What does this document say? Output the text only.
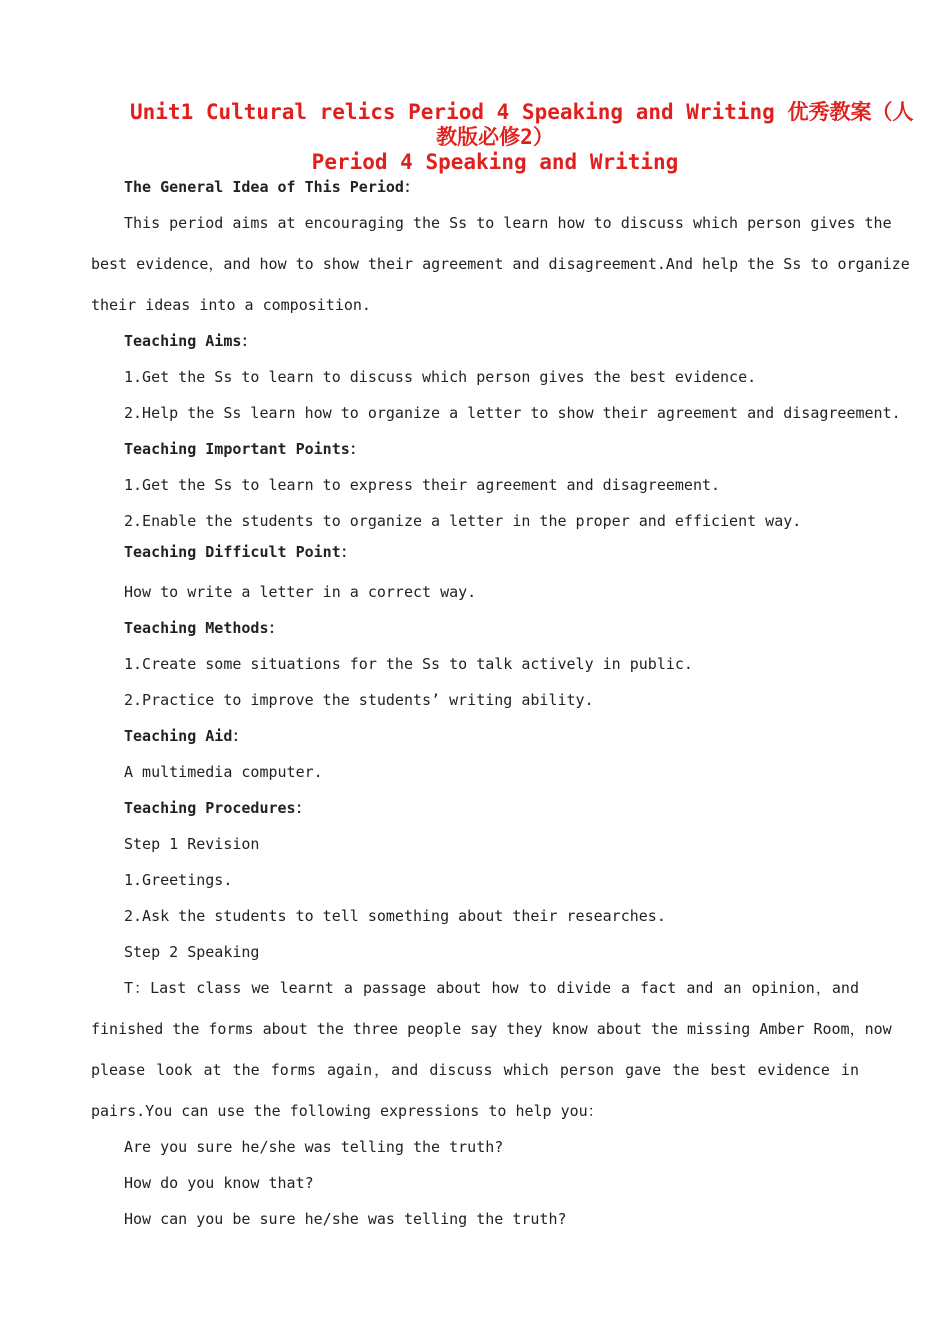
Unit1 Cultural relics Period 4 Speaking and Writing 优秀教案（人
教版必修2）
Period 4 Speaking and Writing
The General Idea of This Period：
This period aims at encouraging the Ss to learn how to discuss which person gives the
best evidence，and how to show their agreement and disagreement.And help the Ss to organize
their ideas into a composition.
Teaching Aims：
1.Get the Ss to learn to discuss which person gives the best evidence.
2.Help the Ss learn how to organize a letter to show their agreement and disagreement.
Teaching Important Points：
1.Get the Ss to learn to express their agreement and disagreement.
2.Enable the students to organize a letter in the proper and efficient way.
Teaching Difficult Point：
How to write a letter in a correct way.
Teaching Methods：
1.Create some situations for the Ss to talk actively in public.
2.Practice to improve the students’ writing ability.
Teaching Aid：
A multimedia computer.
Teaching Procedures：
Step 1 Revision
1.Greetings.
2.Ask the students to tell something about their researches.
Step 2 Speaking
T：Last class we learnt a passage about how to divide a fact and an opinion，and
finished the forms about the three people say they know about the missing Amber Room，now
please look at the forms again，and discuss which person gave the best evidence in
pairs.You can use the following expressions to help you：
Are you sure he/she was telling the truth?
How do you know that?
How can you be sure he/she was telling the truth?
